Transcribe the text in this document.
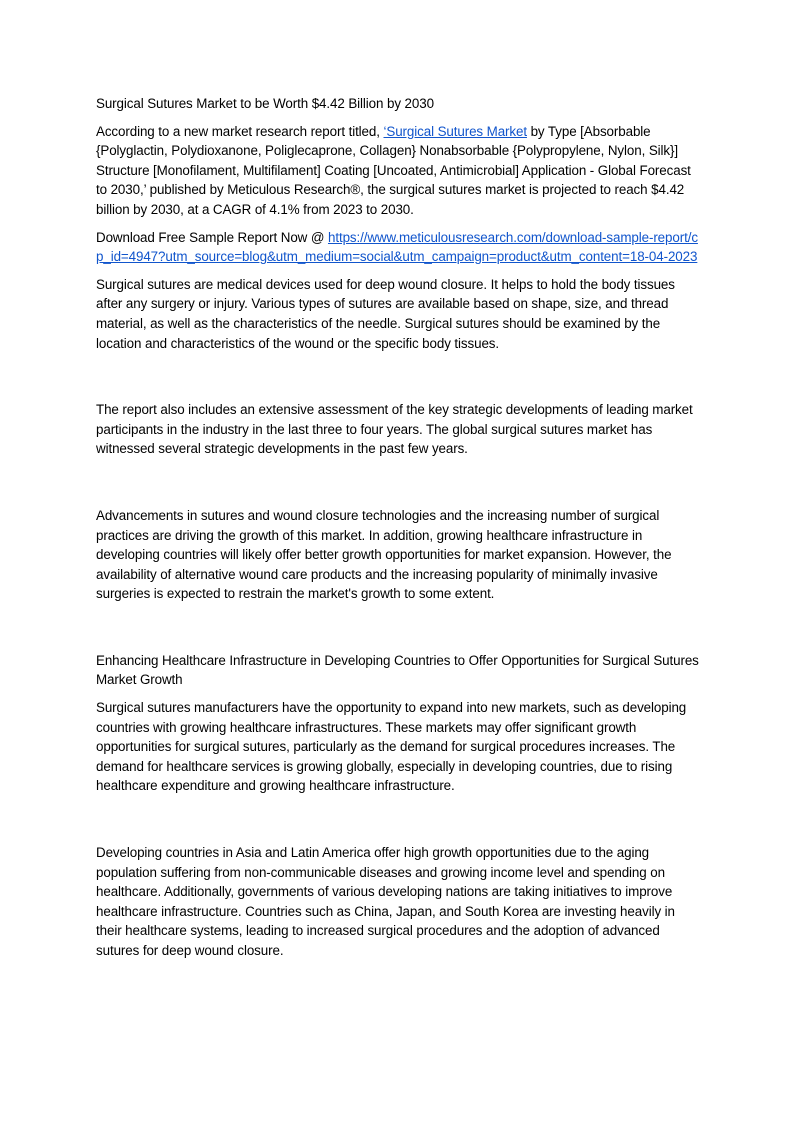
Surgical Sutures Market to be Worth $4.42 Billion by 2030

According to a new market research report titled, ‘Surgical Sutures Market by Type [Absorbable {Polyglactin, Polydioxanone, Poliglecaprone, Collagen} Nonabsorbable {Polypropylene, Nylon, Silk}] Structure [Monofilament, Multifilament] Coating [Uncoated, Antimicrobial] Application - Global Forecast to 2030,’ published by Meticulous Research®, the surgical sutures market is projected to reach $4.42 billion by 2030, at a CAGR of 4.1% from 2023 to 2030.

Download Free Sample Report Now @ https://www.meticulousresearch.com/download-sample-report/cp_id=4947?utm_source=blog&utm_medium=social&utm_campaign=product&utm_content=18-04-2023

Surgical sutures are medical devices used for deep wound closure. It helps to hold the body tissues after any surgery or injury. Various types of sutures are available based on shape, size, and thread material, as well as the characteristics of the needle. Surgical sutures should be examined by the location and characteristics of the wound or the specific body tissues.

The report also includes an extensive assessment of the key strategic developments of leading market participants in the industry in the last three to four years. The global surgical sutures market has witnessed several strategic developments in the past few years.

Advancements in sutures and wound closure technologies and the increasing number of surgical practices are driving the growth of this market. In addition, growing healthcare infrastructure in developing countries will likely offer better growth opportunities for market expansion. However, the availability of alternative wound care products and the increasing popularity of minimally invasive surgeries is expected to restrain the market's growth to some extent.

Enhancing Healthcare Infrastructure in Developing Countries to Offer Opportunities for Surgical Sutures Market Growth

Surgical sutures manufacturers have the opportunity to expand into new markets, such as developing countries with growing healthcare infrastructures. These markets may offer significant growth opportunities for surgical sutures, particularly as the demand for surgical procedures increases. The demand for healthcare services is growing globally, especially in developing countries, due to rising healthcare expenditure and growing healthcare infrastructure.

Developing countries in Asia and Latin America offer high growth opportunities due to the aging population suffering from non-communicable diseases and growing income level and spending on healthcare. Additionally, governments of various developing nations are taking initiatives to improve healthcare infrastructure. Countries such as China, Japan, and South Korea are investing heavily in their healthcare systems, leading to increased surgical procedures and the adoption of advanced sutures for deep wound closure.
